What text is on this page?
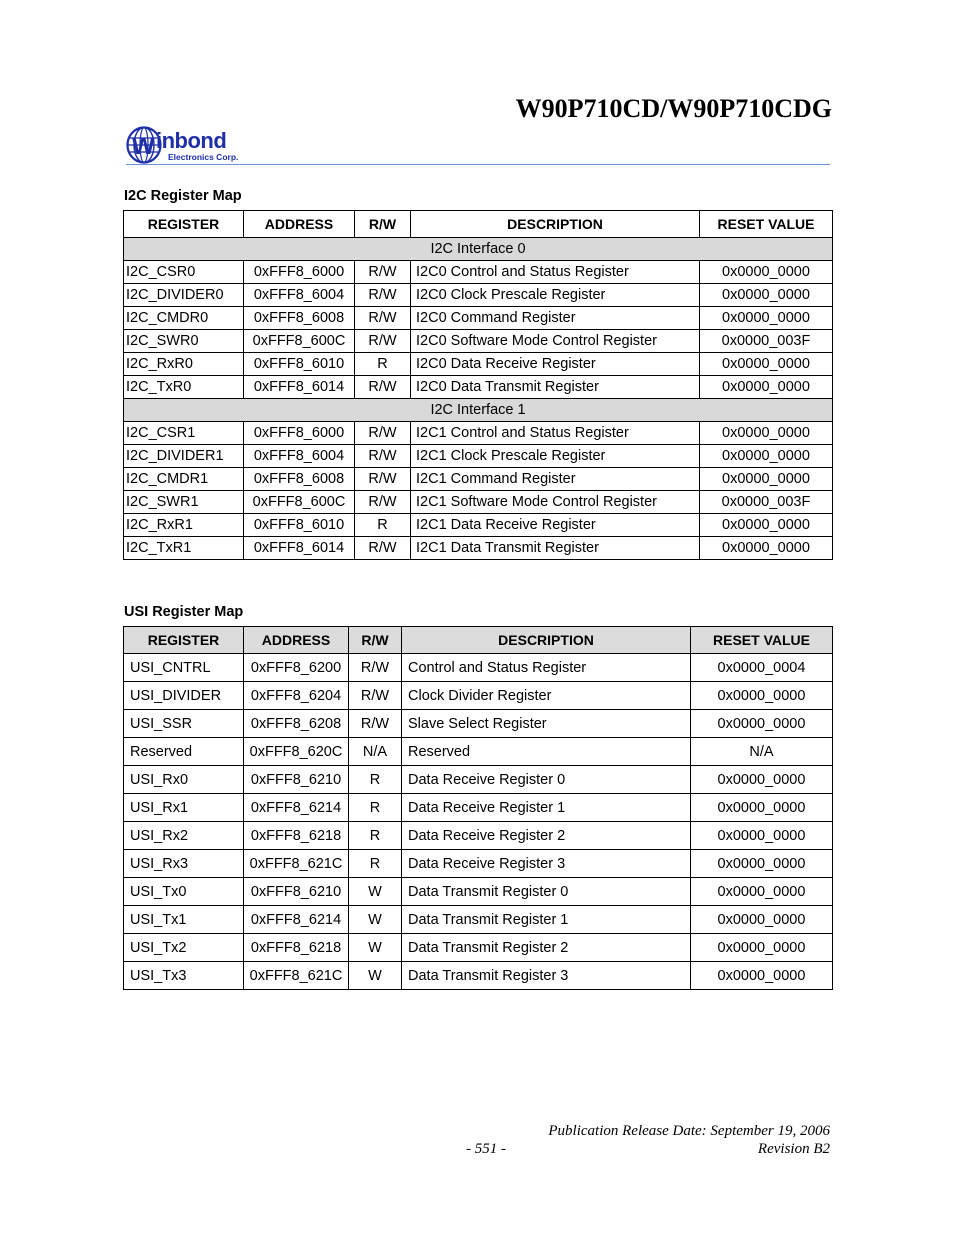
W90P710CD/W90P710CDG
W inbond
Electronics Corp.

I2C Register Map

REGISTER	ADDRESS	R/W	DESCRIPTION	RESET VALUE
I2C Interface 0				
I2C_CSR0	0xFFF8_6000	R/W	I2C0 Control and Status Register	0x0000_0000
I2C_DIVIDER0	0xFFF8_6004	R/W	I2C0 Clock Prescale Register	0x0000_0000
I2C_CMDR0	0xFFF8_6008	R/W	I2C0 Command Register	0x0000_0000
I2C_SWR0	0xFFF8_600C	R/W	I2C0 Software Mode Control Register	0x0000_003F
I2C_RxR0	0xFFF8_6010	R	I2C0 Data Receive Register	0x0000_0000
I2C_TxR0	0xFFF8_6014	R/W	I2C0 Data Transmit Register	0x0000_0000
I2C Interface 1				
I2C_CSR1	0xFFF8_6000	R/W	I2C1 Control and Status Register	0x0000_0000
I2C_DIVIDER1	0xFFF8_6004	R/W	I2C1 Clock Prescale Register	0x0000_0000
I2C_CMDR1	0xFFF8_6008	R/W	I2C1 Command Register	0x0000_0000
I2C_SWR1	0xFFF8_600C	R/W	I2C1 Software Mode Control Register	0x0000_003F
I2C_RxR1	0xFFF8_6010	R	I2C1 Data Receive Register	0x0000_0000
I2C_TxR1	0xFFF8_6014	R/W	I2C1 Data Transmit Register	0x0000_0000

USI Register Map

REGISTER	ADDRESS	R/W	DESCRIPTION	RESET VALUE
USI_CNTRL	0xFFF8_6200	R/W	Control and Status Register	0x0000_0004
USI_DIVIDER	0xFFF8_6204	R/W	Clock Divider Register	0x0000_0000
USI_SSR	0xFFF8_6208	R/W	Slave Select Register	0x0000_0000
Reserved	0xFFF8_620C	N/A	Reserved	N/A
USI_Rx0	0xFFF8_6210	R	Data Receive Register 0	0x0000_0000
USI_Rx1	0xFFF8_6214	R	Data Receive Register 1	0x0000_0000
USI_Rx2	0xFFF8_6218	R	Data Receive Register 2	0x0000_0000
USI_Rx3	0xFFF8_621C	R	Data Receive Register 3	0x0000_0000
USI_Tx0	0xFFF8_6210	W	Data Transmit Register 0	0x0000_0000
USI_Tx1	0xFFF8_6214	W	Data Transmit Register 1	0x0000_0000
USI_Tx2	0xFFF8_6218	W	Data Transmit Register 2	0x0000_0000
USI_Tx3	0xFFF8_621C	W	Data Transmit Register 3	0x0000_0000

Publication Release Date: September 19, 2006

- 551 -	Revision B2
